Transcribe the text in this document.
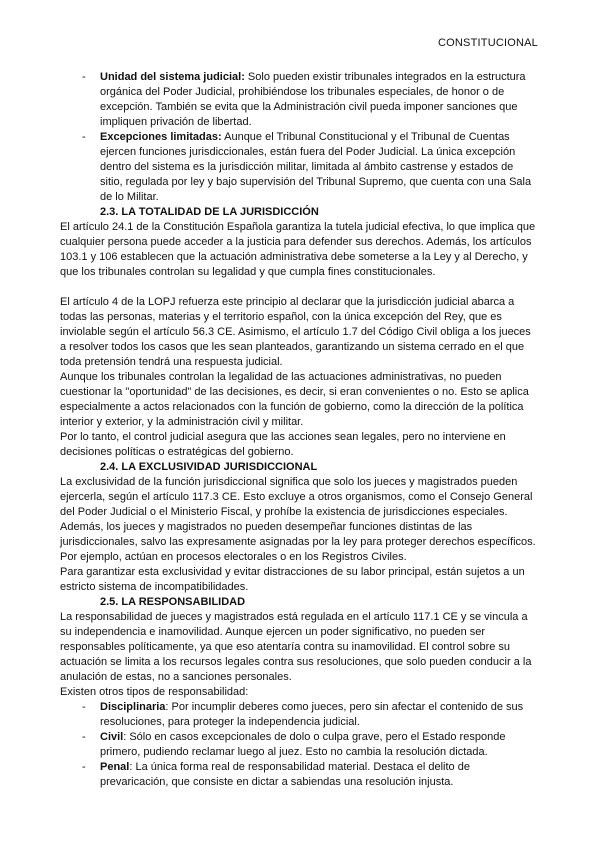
CONSTITUCIONAL
-	Unidad del sistema judicial: Solo pueden existir tribunales integrados en la estructura orgánica del Poder Judicial, prohibiéndose los tribunales especiales, de honor o de excepción. También se evita que la Administración civil pueda imponer sanciones que impliquen privación de libertad.
-	Excepciones limitadas: Aunque el Tribunal Constitucional y el Tribunal de Cuentas ejercen funciones jurisdiccionales, están fuera del Poder Judicial. La única excepción dentro del sistema es la jurisdicción militar, limitada al ámbito castrense y estados de sitio, regulada por ley y bajo supervisión del Tribunal Supremo, que cuenta con una Sala de lo Militar.
2.3. LA TOTALIDAD DE LA JURISDICCIÓN

El artículo 24.1 de la Constitución Española garantiza la tutela judicial efectiva, lo que implica que cualquier persona puede acceder a la justicia para defender sus derechos. Además, los artículos 103.1 y 106 establecen que la actuación administrativa debe someterse a la Ley y al Derecho, y que los tribunales controlan su legalidad y que cumpla fines constitucionales.

El artículo 4 de la LOPJ refuerza este principio al declarar que la jurisdicción judicial abarca a todas las personas, materias y el territorio español, con la única excepción del Rey, que es inviolable según el artículo 56.3 CE. Asimismo, el artículo 1.7 del Código Civil obliga a los jueces a resolver todos los casos que les sean planteados, garantizando un sistema cerrado en el que toda pretensión tendrá una respuesta judicial.

Aunque los tribunales controlan la legalidad de las actuaciones administrativas, no pueden cuestionar la "oportunidad" de las decisiones, es decir, si eran convenientes o no. Esto se aplica especialmente a actos relacionados con la función de gobierno, como la dirección de la política interior y exterior, y la administración civil y militar.

Por lo tanto, el control judicial asegura que las acciones sean legales, pero no interviene en decisiones políticas o estratégicas del gobierno.

2.4. LA EXCLUSIVIDAD JURISDICCIONAL

La exclusividad de la función jurisdiccional significa que solo los jueces y magistrados pueden ejercerla, según el artículo 117.3 CE. Esto excluye a otros organismos, como el Consejo General del Poder Judicial o el Ministerio Fiscal, y prohíbe la existencia de jurisdicciones especiales.

Además, los jueces y magistrados no pueden desempeñar funciones distintas de las jurisdiccionales, salvo las expresamente asignadas por la ley para proteger derechos específicos. Por ejemplo, actúan en procesos electorales o en los Registros Civiles.

Para garantizar esta exclusividad y evitar distracciones de su labor principal, están sujetos a un estricto sistema de incompatibilidades.

2.5. LA RESPONSABILIDAD

La responsabilidad de jueces y magistrados está regulada en el artículo 117.1 CE y se vincula a su independencia e inamovilidad. Aunque ejercen un poder significativo, no pueden ser responsables políticamente, ya que eso atentaría contra su inamovilidad. El control sobre su actuación se limita a los recursos legales contra sus resoluciones, que solo pueden conducir a la anulación de estas, no a sanciones personales.

Existen otros tipos de responsabilidad:

-	Disciplinaria: Por incumplir deberes como jueces, pero sin afectar el contenido de sus resoluciones, para proteger la independencia judicial.
-	Civil: Sólo en casos excepcionales de dolo o culpa grave, pero el Estado responde primero, pudiendo reclamar luego al juez. Esto no cambia la resolución dictada.
-	Penal: La única forma real de responsabilidad material. Destaca el delito de prevaricación, que consiste en dictar a sabiendas una resolución injusta.
